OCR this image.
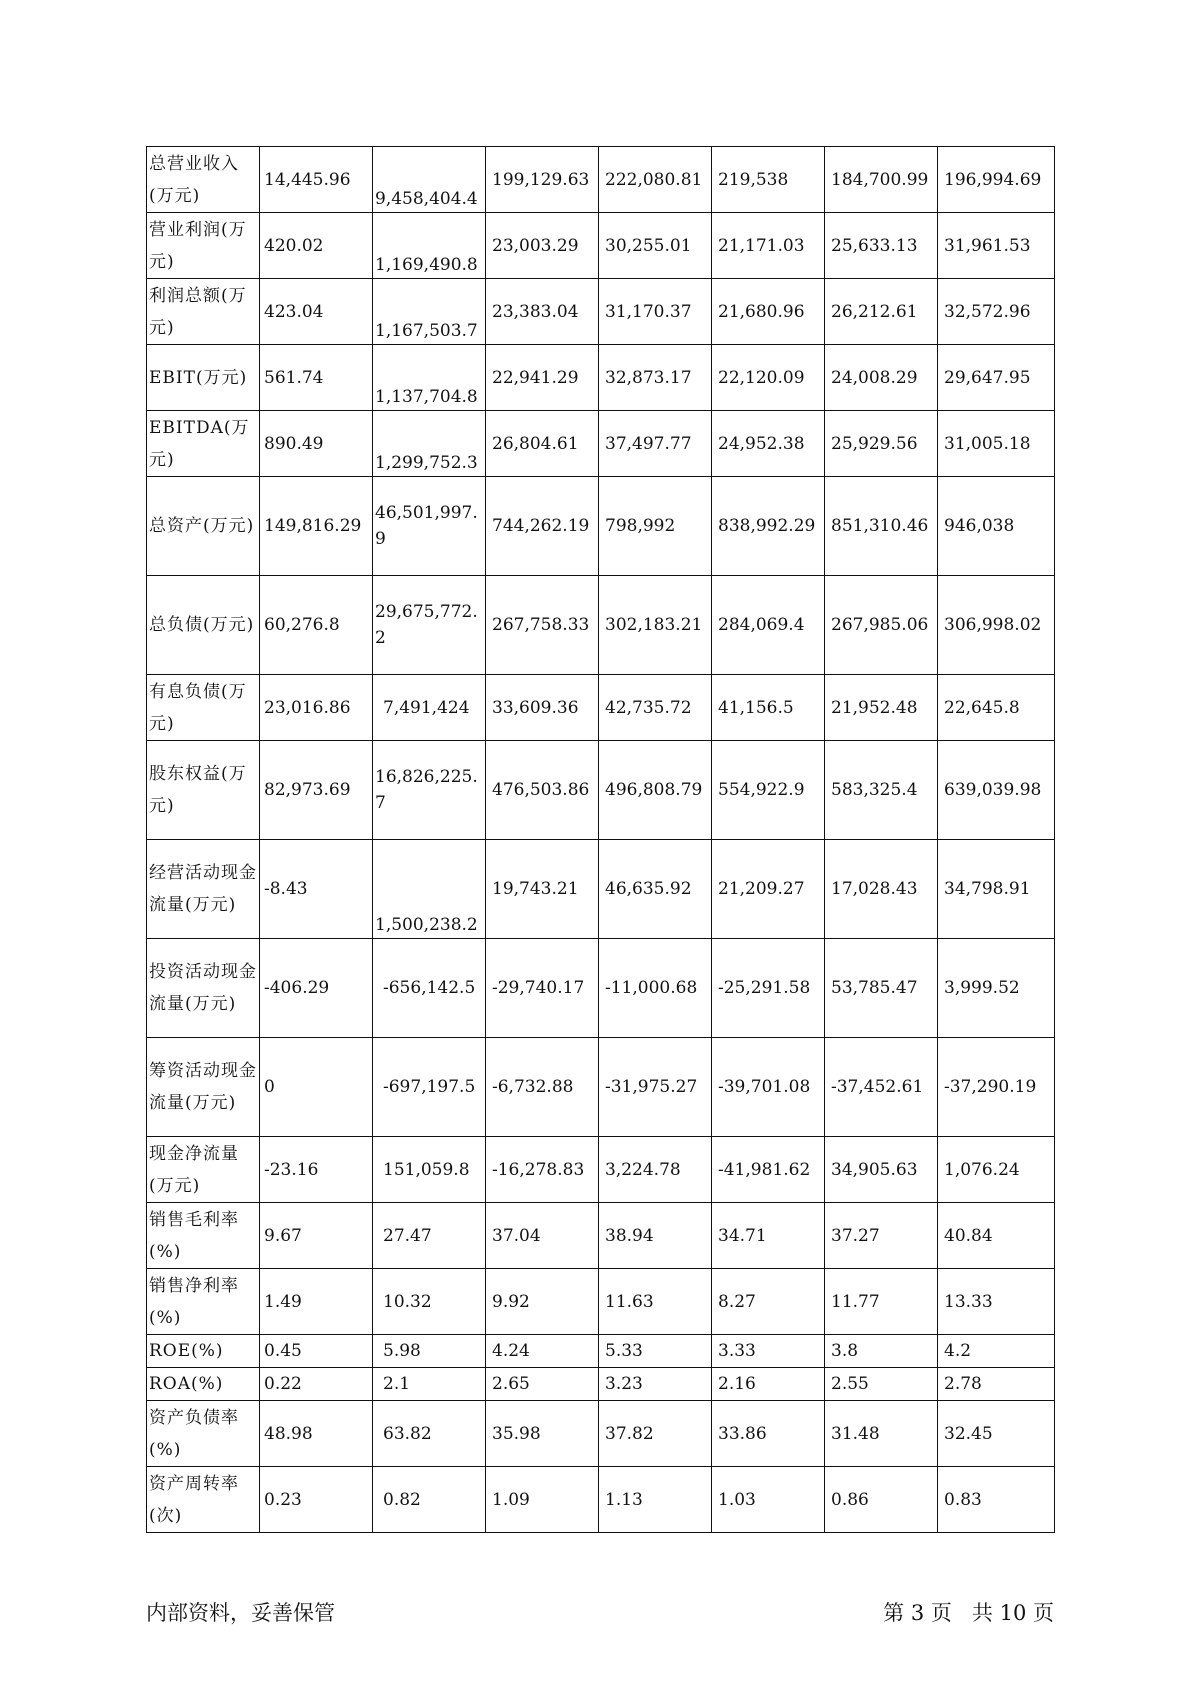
总营业收入(万元)	14,445.96	9,458,404.4	199,129.63	222,080.81	219,538	184,700.99	196,994.69
营业利润(万元)	420.02	1,169,490.8	23,003.29	30,255.01	21,171.03	25,633.13	31,961.53
利润总额(万元)	423.04	1,167,503.7	23,383.04	31,170.37	21,680.96	26,212.61	32,572.96
EBIT(万元)	561.74	1,137,704.8	22,941.29	32,873.17	22,120.09	24,008.29	29,647.95
EBITDA(万元)	890.49	1,299,752.3	26,804.61	37,497.77	24,952.38	25,929.56	31,005.18
总资产(万元)	149,816.29	46,501,997.9	744,262.19	798,992	838,992.29	851,310.46	946,038
总负债(万元)	60,276.8	29,675,772.2	267,758.33	302,183.21	284,069.4	267,985.06	306,998.02
有息负债(万元)	23,016.86	7,491,424	33,609.36	42,735.72	41,156.5	21,952.48	22,645.8
股东权益(万元)	82,973.69	16,826,225.7	476,503.86	496,808.79	554,922.9	583,325.4	639,039.98
经营活动现金流量(万元)	-8.43	1,500,238.2	19,743.21	46,635.92	21,209.27	17,028.43	34,798.91
投资活动现金流量(万元)	-406.29	-656,142.5	-29,740.17	-11,000.68	-25,291.58	53,785.47	3,999.52
筹资活动现金流量(万元)	0	-697,197.5	-6,732.88	-31,975.27	-39,701.08	-37,452.61	-37,290.19
现金净流量(万元)	-23.16	151,059.8	-16,278.83	3,224.78	-41,981.62	34,905.63	1,076.24
销售毛利率(%)	9.67	27.47	37.04	38.94	34.71	37.27	40.84
销售净利率(%)	1.49	10.32	9.92	11.63	8.27	11.77	13.33
ROE(%)	0.45	5.98	4.24	5.33	3.33	3.8	4.2
ROA(%)	0.22	2.1	2.65	3.23	2.16	2.55	2.78
资产负债率(%)	48.98	63.82	35.98	37.82	33.86	31.48	32.45
资产周转率(次)	0.23	0.82	1.09	1.13	1.03	0.86	0.83
内部资料，妥善保管	第 3 页 共 10 页
